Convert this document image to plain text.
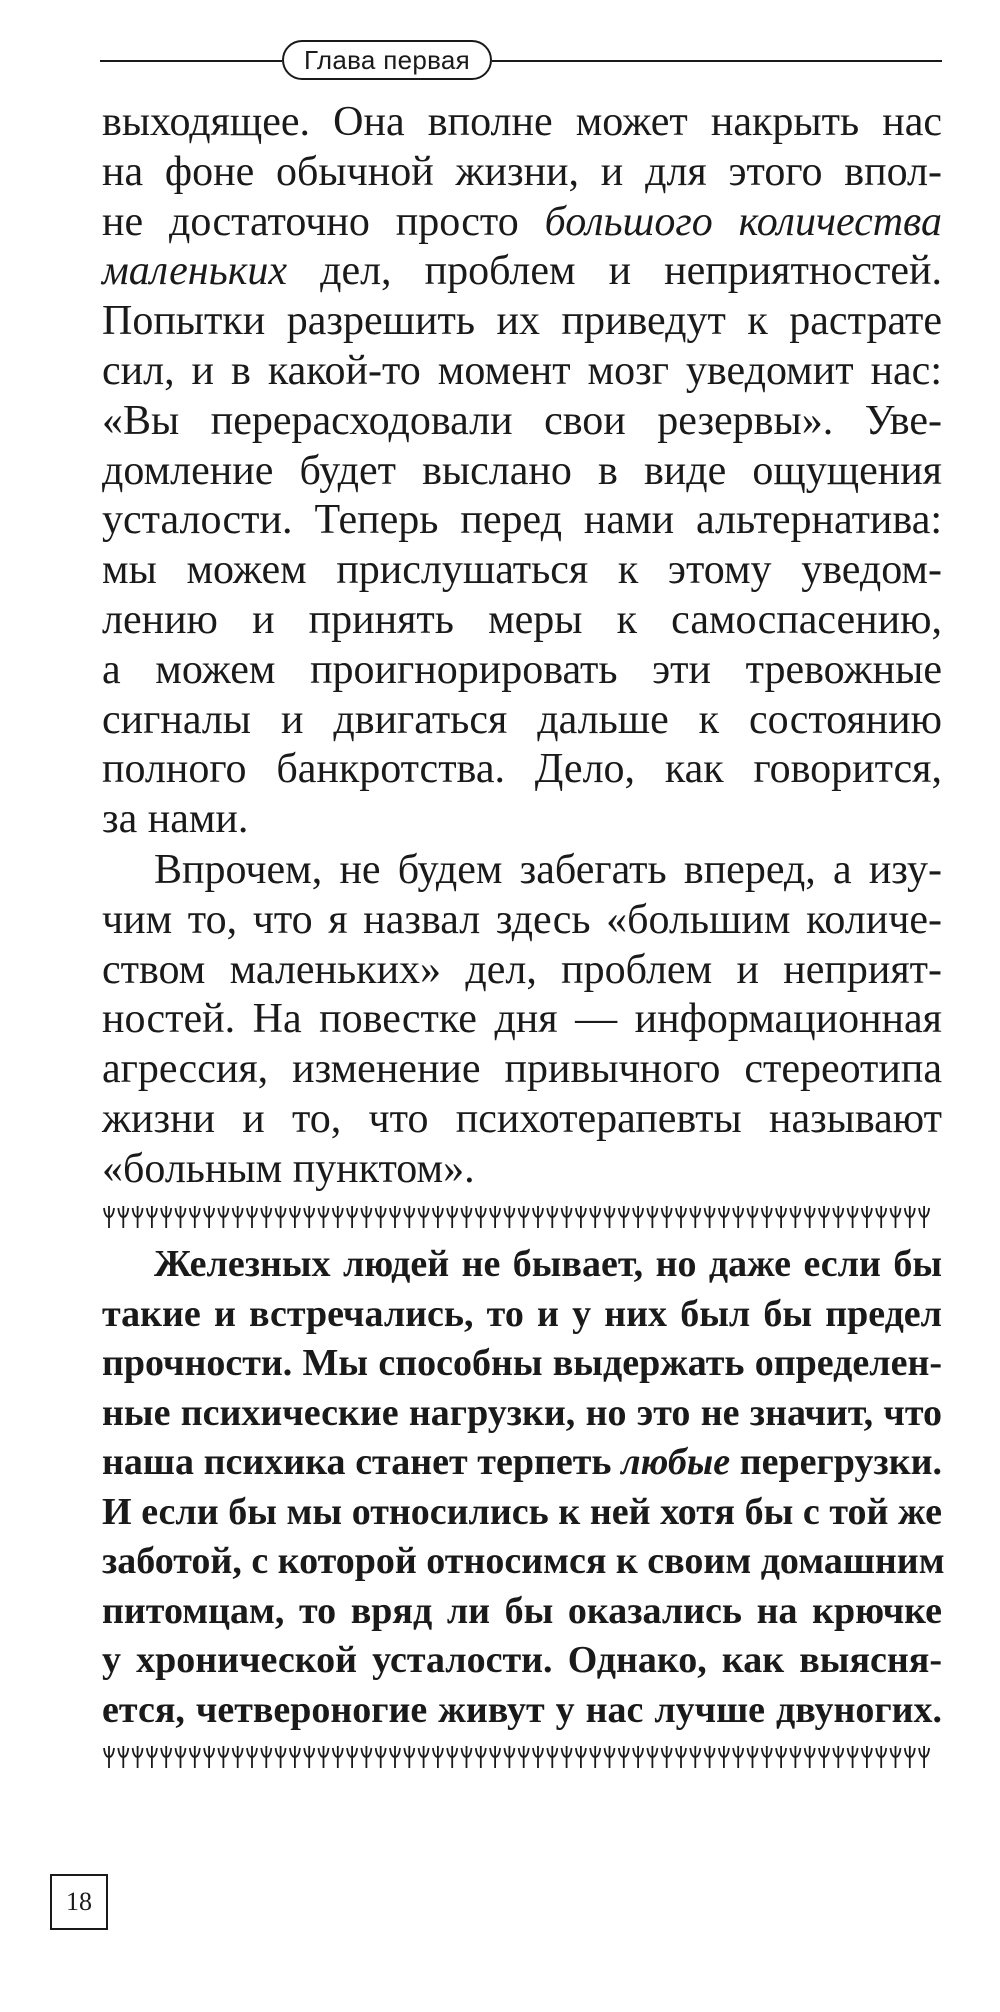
Глава первая
выходящее. Она вполне может накрыть нас
на фоне обычной жизни, и для этого впол-
не достаточно просто большого количества
маленьких дел, проблем и неприятностей.
Попытки разрешить их приведут к растрате
сил, и в какой-то момент мозг уведомит нас:
«Вы перерасходовали свои резервы». Уве-
домление будет выслано в виде ощущения
усталости. Теперь перед нами альтернатива:
мы можем прислушаться к этому уведом-
лению и принять меры к самоспасению,
а можем проигнорировать эти тревожные
сигналы и двигаться дальше к состоянию
полного банкротства. Дело, как говорится,
за нами.
Впрочем, не будем забегать вперед, а изу-
чим то, что я назвал здесь «большим количе-
ством маленьких» дел, проблем и неприят-
ностей. На повестке дня — информационная
агрессия, изменение привычного стереотипа
жизни и то, что психотерапевты называют
«больным пунктом».
Железных людей не бывает, но даже если бы
такие и встречались, то и у них был бы предел
прочности. Мы способны выдержать определен-
ные психические нагрузки, но это не значит, что
наша психика станет терпеть любые перегрузки.
И если бы мы относились к ней хотя бы с той же
заботой, с которой относимся к своим домашним
питомцам, то вряд ли бы оказались на крючке
у хронической усталости. Однако, как выясня-
ется, четвероногие живут у нас лучше двуногих.
18
